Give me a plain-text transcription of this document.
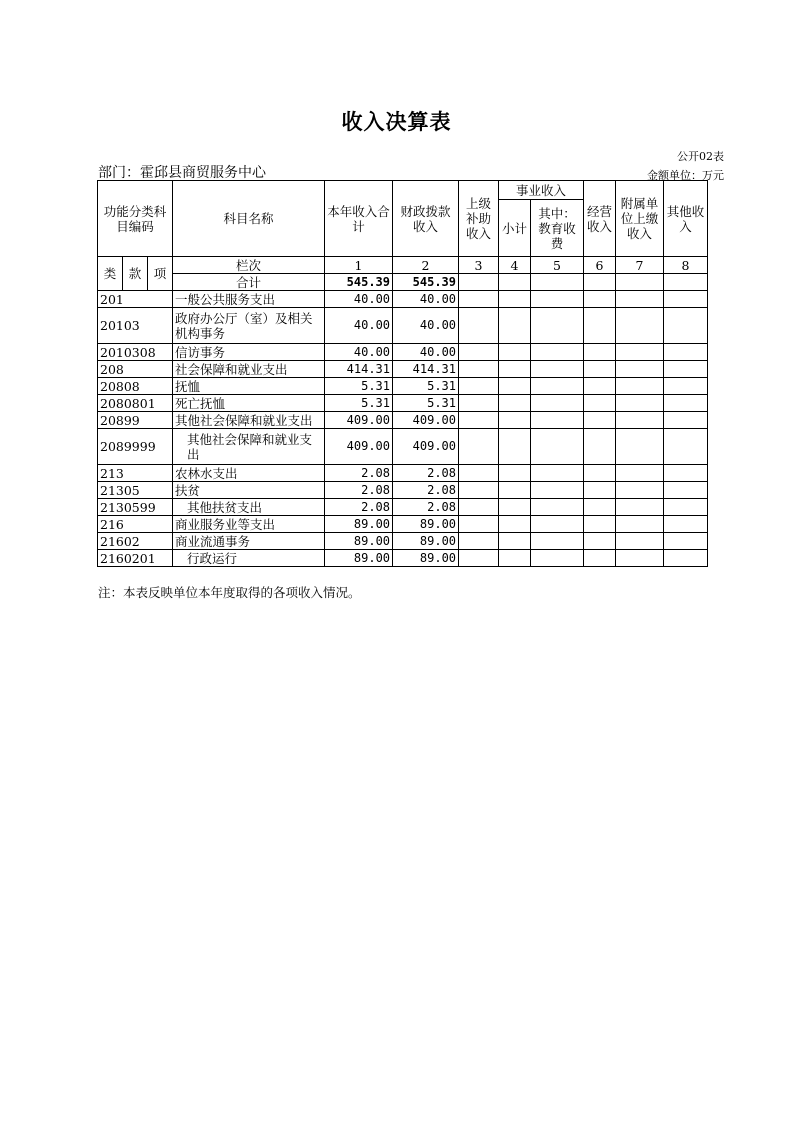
收入决算表
公开02表
部门：霍邱县商贸服务中心	金额单位：万元
功能分类科目编码			科目名称	本年收入合计	财政拨款收入	上级补助收入	事业收入		经营收入	附属单位上缴收入	其他收入
							小计	其中：教育收费			
类	款	项	栏次	1	2	3	4	5	6	7	8
			合计	545.39	545.39						
201			一般公共服务支出	40.00	40.00						
20103			政府办公厅（室）及相关机构事务	40.00	40.00						
2010308			信访事务	40.00	40.00						
208			社会保障和就业支出	414.31	414.31						
20808			抚恤	5.31	5.31						
2080801			死亡抚恤	5.31	5.31						
20899			其他社会保障和就业支出	409.00	409.00						
2089999			其他社会保障和就业支出	409.00	409.00						
213			农林水支出	2.08	2.08						
21305			扶贫	2.08	2.08						
2130599			其他扶贫支出	2.08	2.08						
216			商业服务业等支出	89.00	89.00						
21602			商业流通事务	89.00	89.00						
2160201			行政运行	89.00	89.00						
注：本表反映单位本年度取得的各项收入情况。
